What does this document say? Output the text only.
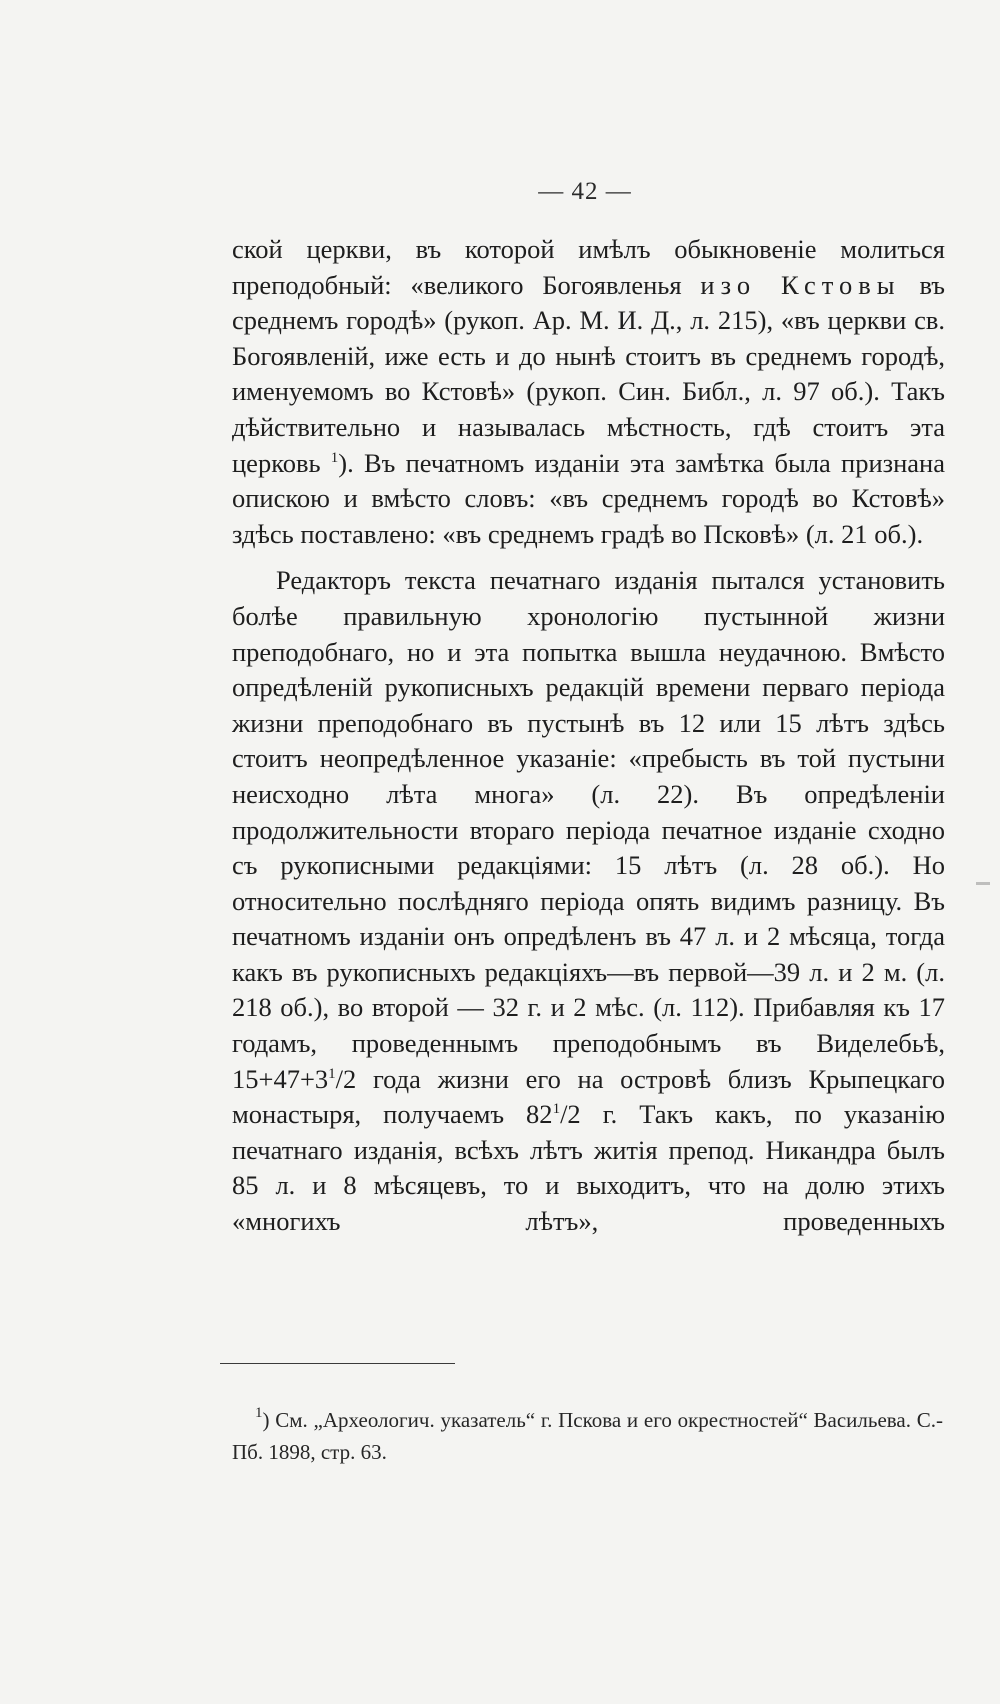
— 42 —

ской церкви, въ которой имѣлъ обыкновеніе молиться преподобный: «великого Богоявленья изо Кстовы въ среднемъ городѣ» (рукоп. Ар. М. И. Д., л. 215), «въ церкви св. Богоявленій, иже есть и до нынѣ стоитъ въ среднемъ городѣ, именуемомъ во Кстовѣ» (рукоп. Син. Библ., л. 97 об.). Такъ дѣйствительно и называлась мѣстность, гдѣ стоитъ эта церковь $^1$). Въ печатномъ изданіи эта замѣтка была признана опискою и вмѣсто словъ: «въ среднемъ городѣ во Кстовѣ» здѣсь поставлено: «въ среднемъ градѣ во Псковѣ» (л. 21 об.).

Редакторъ текста печатнаго изданія пытался установить болѣе правильную хронологію пустынной жизни преподобнаго, но и эта попытка вышла неудачною. Вмѣсто опредѣленій рукописныхъ редакцій времени перваго періода жизни преподобнаго въ пустынѣ въ 12 или 15 лѣтъ здѣсь стоитъ неопредѣленное указаніе: «пребысть въ той пустыни неисходно лѣта многа» (л. 22). Въ опредѣленіи продолжительности втораго періода печатное изданіе сходно съ рукописными редакціями: 15 лѣтъ (л. 28 об.). Но относительно послѣдняго періода опять видимъ разницу. Въ печатномъ изданіи онъ опредѣленъ въ 47 л. и 2 мѣсяца, тогда какъ въ рукописныхъ редакціяхъ—въ первой—39 л. и 2 м. (л. 218 об.), во второй — 32 г. и 2 мѣс. (л. 112). Прибавляя къ 17 годамъ, проведеннымъ преподобнымъ въ Виделебьѣ, $15+47+3^1/2$ года жизни его на островѣ близъ Крыпецкаго монастыря, получаемъ $82^1/2$ г. Такъ какъ, по указанію печатнаго изданія, всѣхъ лѣтъ житія препод. Никандра былъ 85 л. и 8 мѣсяцевъ, то и выходитъ, что на долю этихъ «многихъ лѣтъ», проведенныхъ

$^1$) См. „Археологич. указатель“ г. Пскова и его окрестностей“ Васильева. С.-Пб. 1898, стр. 63.
